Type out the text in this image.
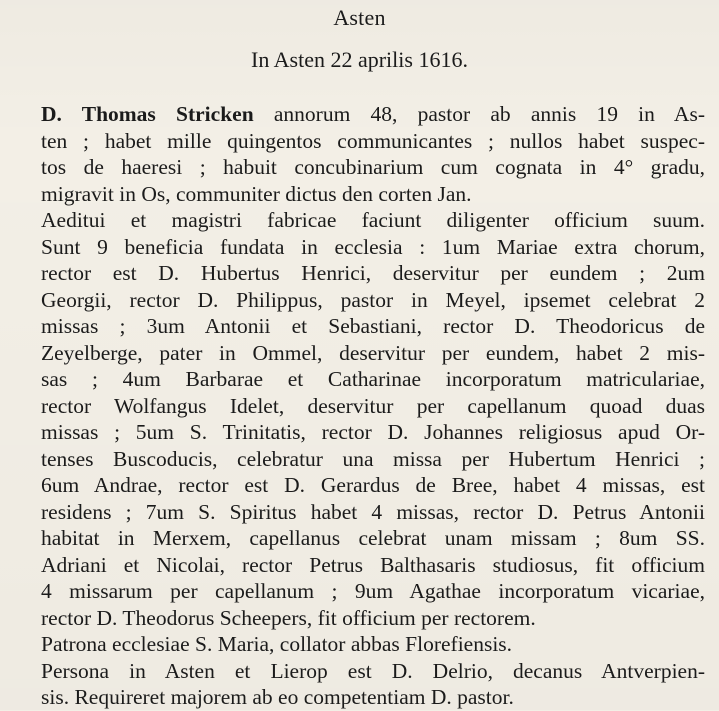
Asten
In Asten 22 aprilis 1616.
D. Thomas Stricken annorum 48, pastor ab annis 19 in As-
ten ; habet mille quingentos communicantes ; nullos habet suspec-
tos de haeresi ; habuit concubinarium cum cognata in 4° gradu,
migravit in Os, communiter dictus den corten Jan.
Aeditui et magistri fabricae faciunt diligenter officium suum.
Sunt 9 beneficia fundata in ecclesia : 1um Mariae extra chorum,
rector est D. Hubertus Henrici, deservitur per eundem ; 2um
Georgii, rector D. Philippus, pastor in Meyel, ipsemet celebrat 2
missas ; 3um Antonii et Sebastiani, rector D. Theodoricus de
Zeyelberge, pater in Ommel, deservitur per eundem, habet 2 mis-
sas ; 4um Barbarae et Catharinae incorporatum matriculariae,
rector Wolfangus Idelet, deservitur per capellanum quoad duas
missas ; 5um S. Trinitatis, rector D. Johannes religiosus apud Or-
tenses Buscoducis, celebratur una missa per Hubertum Henrici ;
6um Andrae, rector est D. Gerardus de Bree, habet 4 missas, est
residens ; 7um S. Spiritus habet 4 missas, rector D. Petrus Antonii
habitat in Merxem, capellanus celebrat unam missam ; 8um SS.
Adriani et Nicolai, rector Petrus Balthasaris studiosus, fit officium
4 missarum per capellanum ; 9um Agathae incorporatum vicariae,
rector D. Theodorus Scheepers, fit officium per rectorem.
Patrona ecclesiae S. Maria, collator abbas Florefiensis.
Persona in Asten et Lierop est D. Delrio, decanus Antverpien-
sis. Requireret majorem ab eo competentiam D. pastor.
